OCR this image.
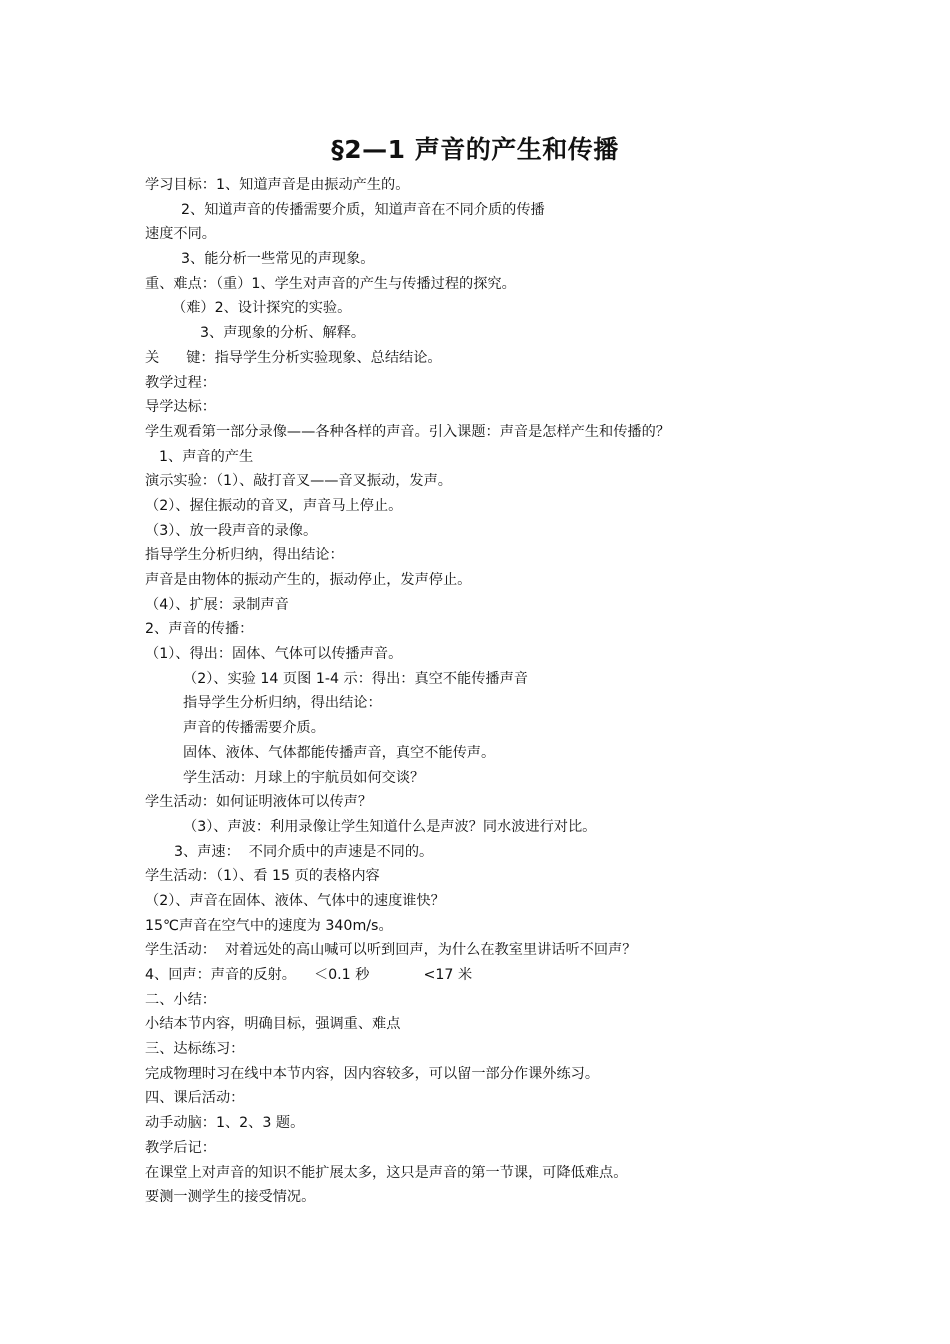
§2—1 声音的产生和传播
学习目标：1、知道声音是由振动产生的。
2、知道声音的传播需要介质，知道声音在不同介质的传播
速度不同。
3、能分析一些常见的声现象。
重、难点：（重）1、学生对声音的产生与传播过程的探究。
（难）2、设计探究的实验。
3、声现象的分析、解释。
关      键：指导学生分析实验现象、总结结论。
教学过程：
导学达标：
学生观看第一部分录像——各种各样的声音。引入课题：声音是怎样产生和传播的？
1、声音的产生
演示实验：（1）、敲打音叉——音叉振动，发声。
（2）、握住振动的音叉，声音马上停止。
（3）、放一段声音的录像。
指导学生分析归纳，得出结论：
声音是由物体的振动产生的，振动停止，发声停止。
（4）、扩展：录制声音
2、声音的传播：
（1）、得出：固体、气体可以传播声音。
（2）、实验 14 页图 1-4 示：得出：真空不能传播声音
指导学生分析归纳，得出结论：
声音的传播需要介质。
固体、液体、气体都能传播声音，真空不能传声。
学生活动：月球上的宇航员如何交谈？
学生活动：如何证明液体可以传声？
（3）、声波：利用录像让学生知道什么是声波？同水波进行对比。
3、声速：  不同介质中的声速是不同的。
学生活动：（1）、看 15 页的表格内容
（2）、声音在固体、液体、气体中的速度谁快？
15℃声音在空气中的速度为 340m/s。
学生活动：  对着远处的高山喊可以听到回声，为什么在教室里讲话听不回声？
4、回声：声音的反射。    ＜0.1 秒            <17 米
二、小结：
小结本节内容，明确目标，强调重、难点
三、达标练习：
完成物理时习在线中本节内容，因内容较多，可以留一部分作课外练习。
四、课后活动：
动手动脑：1、2、3 题。
教学后记：
在课堂上对声音的知识不能扩展太多，这只是声音的第一节课，可降低难点。
要测一测学生的接受情况。
